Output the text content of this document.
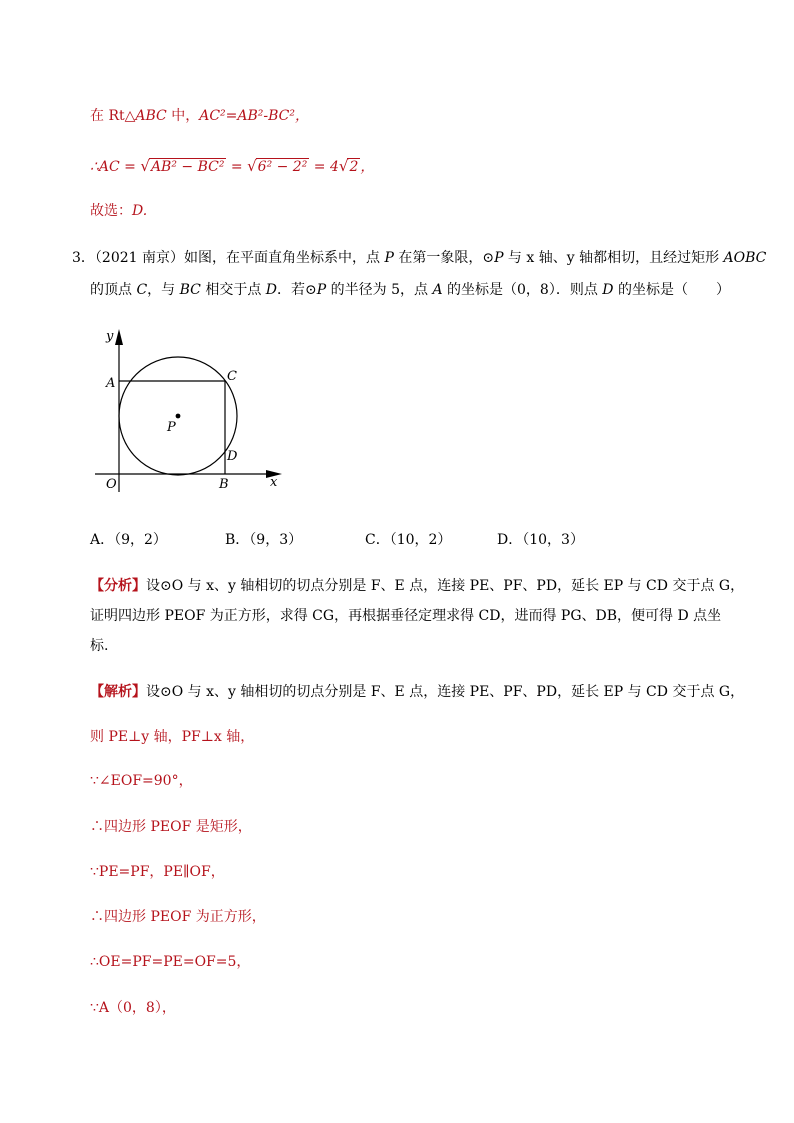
在 Rt△ABC 中，AC²=AB²-BC²，
∴AC = √AB² − BC² = √6² − 2² = 4√2 ，
故选：D.
3．（2021 南京）如图，在平面直角坐标系中，点 P 在第一象限，⊙P 与 x 轴、y 轴都相切，且经过矩形 AOBC
的顶点 C，与 BC 相交于点 D．若⊙P 的半径为 5，点 A 的坐标是（0，8）．则点 D 的坐标是（　　）
y
x
O
A	C
P
D
B
A．（9，2）	B．（9，3）	C．（10，2）	D．（10，3）
【分析】设⊙O 与 x、y 轴相切的切点分别是 F、E 点，连接 PE、PF、PD，延长 EP 与 CD 交于点 G，
证明四边形 PEOF 为正方形，求得 CG，再根据垂径定理求得 CD，进而得 PG、DB，便可得 D 点坐
标.
【解析】设⊙O 与 x、y 轴相切的切点分别是 F、E 点，连接 PE、PF、PD，延长 EP 与 CD 交于点 G，
则 PE⊥y 轴，PF⊥x 轴，
∵∠EOF=90°，
∴四边形 PEOF 是矩形，
∵PE=PF，PE∥OF，
∴四边形 PEOF 为正方形，
∴OE=PF=PE=OF=5，
∵A（0，8），
